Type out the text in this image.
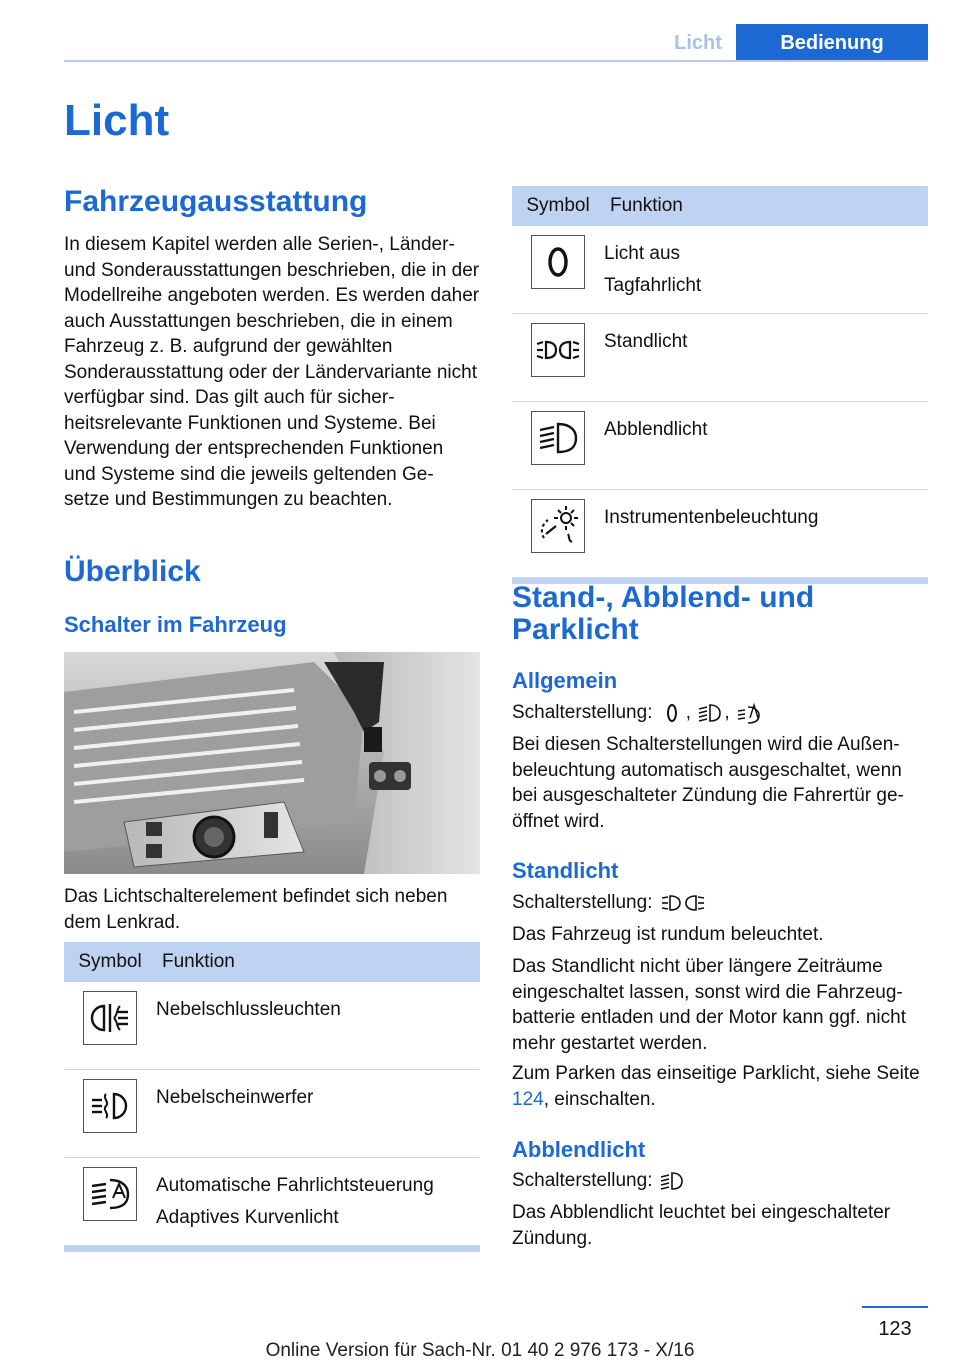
Licht	Bedienung
Licht
Fahrzeugausstattung

In diesem Kapitel werden alle Serien-, Länder- und Sonderausstattungen beschrieben, die in der Modellreihe angeboten werden. Es werden daher auch Ausstattungen beschrieben, die in einem Fahrzeug z. B. aufgrund der gewählten Sonderausstattung oder der Ländervariante nicht verfügbar sind. Das gilt auch für sicher- heitsrelevante Funktionen und Systeme. Bei Verwendung der entsprechenden Funktionen und Systeme sind die jeweils geltenden Ge- setze und Bestimmungen zu beachten.

Überblick
Schalter im Fahrzeug

Das Lichtschalterelement befindet sich neben dem Lenkrad.

Symbol	Funktion

Nebelschlussleuchten

Nebelscheinwerfer

Automatische Fahrlichtsteuerung
Adaptives Kurvenlicht
Symbol	Funktion

Licht aus
Tagfahrlicht

Standlicht

Abblendlicht

Instrumentenbeleuchtung
Stand-, Abblend- und Parklicht
Allgemein

Schalterstellung: , ,

Bei diesen Schalterstellungen wird die Außen- beleuchtung automatisch ausgeschaltet, wenn bei ausgeschalteter Zündung die Fahrertür ge- öffnet wird.

Standlicht

Schalterstellung:

Das Fahrzeug ist rundum beleuchtet.

Das Standlicht nicht über längere Zeiträume eingeschaltet lassen, sonst wird die Fahrzeug- batterie entladen und der Motor kann ggf. nicht mehr gestartet werden.

Zum Parken das einseitige Parklicht, siehe Seite 124, einschalten.

Abblendlicht

Schalterstellung:

Das Abblendlicht leuchtet bei eingeschalteter Zündung.

123
Online Version für Sach-Nr. 01 40 2 976 173 - X/16
